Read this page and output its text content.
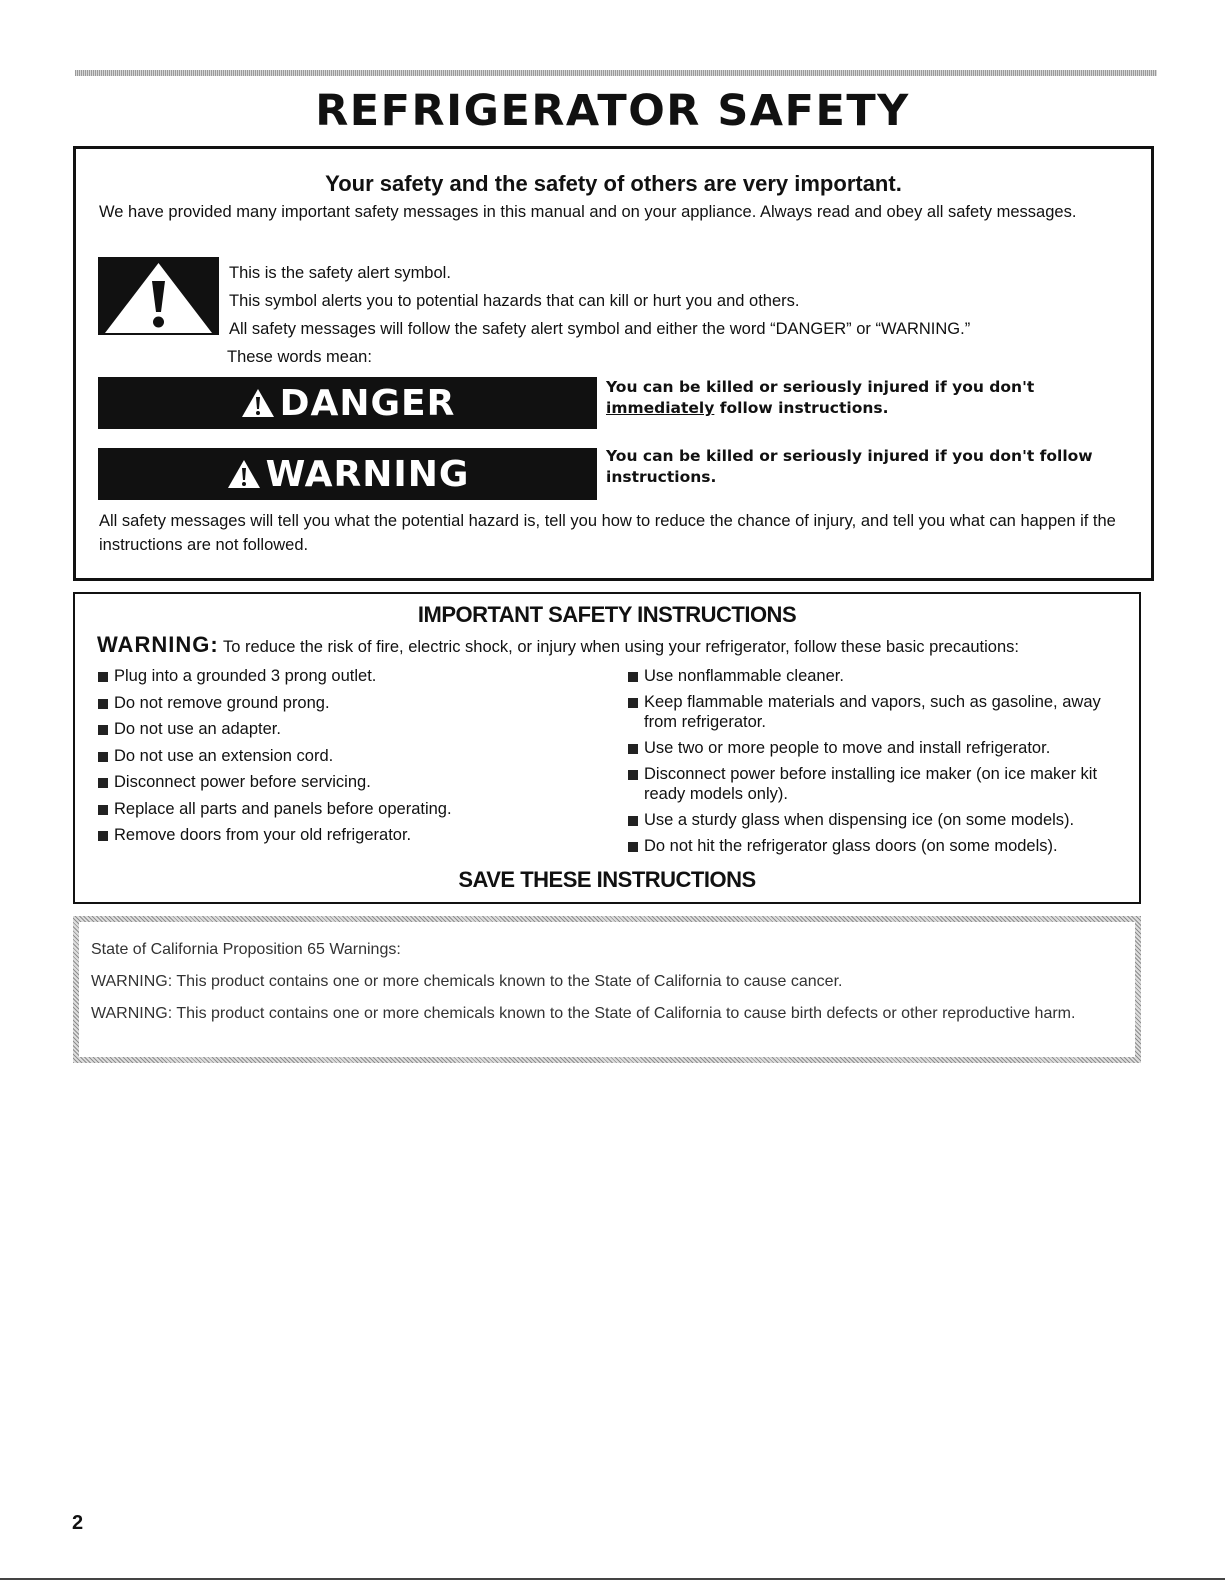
REFRIGERATOR SAFETY
Your safety and the safety of others are very important.
We have provided many important safety messages in this manual and on your appliance. Always read and obey all safety messages.
This is the safety alert symbol.
This symbol alerts you to potential hazards that can kill or hurt you and others.
All safety messages will follow the safety alert symbol and either the word “DANGER” or “WARNING.”
These words mean:
DANGER	You can be killed or seriously injured if you don't immediately follow instructions.
WARNING	You can be killed or seriously injured if you don't follow instructions.
All safety messages will tell you what the potential hazard is, tell you how to reduce the chance of injury, and tell you what can happen if the instructions are not followed.
IMPORTANT SAFETY INSTRUCTIONS
WARNING: To reduce the risk of fire, electric shock, or injury when using your refrigerator, follow these basic precautions:
Plug into a grounded 3 prong outlet.
Do not remove ground prong.
Do not use an adapter.
Do not use an extension cord.
Disconnect power before servicing.
Replace all parts and panels before operating.
Remove doors from your old refrigerator.
Use nonflammable cleaner.
Keep flammable materials and vapors, such as gasoline, away from refrigerator.
Use two or more people to move and install refrigerator.
Disconnect power before installing ice maker (on ice maker kit ready models only).
Use a sturdy glass when dispensing ice (on some models).
Do not hit the refrigerator glass doors (on some models).
SAVE THESE INSTRUCTIONS
State of California Proposition 65 Warnings:
WARNING: This product contains one or more chemicals known to the State of California to cause cancer.
WARNING: This product contains one or more chemicals known to the State of California to cause birth defects or other reproductive harm.
2
